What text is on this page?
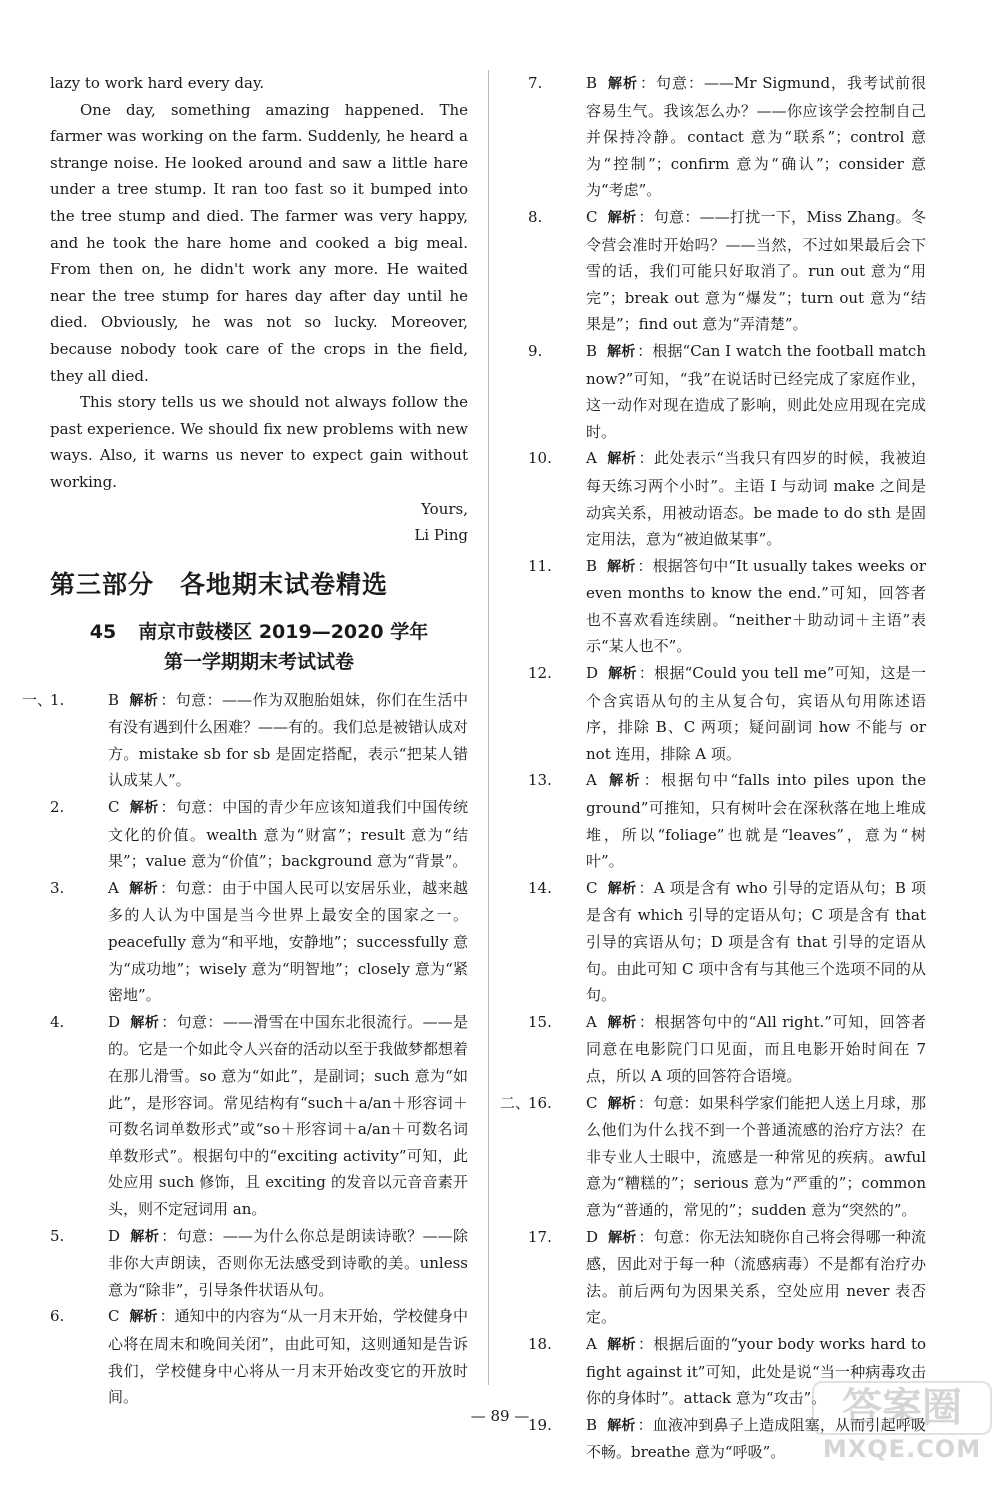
lazy to work hard every day.

One day, something amazing happened. The farmer was working on the farm. Suddenly, he heard a strange noise. He looked around and saw a little hare under a tree stump. It ran too fast so it bumped into the tree stump and died. The farmer was very happy, and he took the hare home and cooked a big meal. From then on, he didn't work any more. He waited near the tree stump for hares day after day until he died. Obviously, he was not so lucky. Moreover, because nobody took care of the crops in the field, they all died.

This story tells us we should not always follow the past experience. We should fix new problems with new ways. Also, it warns us never to expect gain without working.

Yours,

Li Ping

第三部分　各地期末试卷精选
45 南京市鼓楼区 2019—2020 学年
第一学期期末考试试卷
一、1.	B 解析 ：句意：——作为双胞胎姐妹，你们在生活中有没有遇到什么困难？——有的。我们总是被错认成对方。mistake sb for sb 是固定搭配，表示“把某人错认成某人”。
2.	C 解析 ：句意：中国的青少年应该知道我们中国传统文化的价值。wealth 意为“财富”；result 意为“结果”；value 意为“价值”；background 意为“背景”。
3.	A 解析 ：句意：由于中国人民可以安居乐业，越来越多的人认为中国是当今世界上最安全的国家之一。peacefully 意为“和平地，安静地”；successfully 意为“成功地”；wisely 意为“明智地”；closely 意为“紧密地”。
4.	D 解析 ：句意：——滑雪在中国东北很流行。——是的。它是一个如此令人兴奋的活动以至于我做梦都想着在那儿滑雪。so 意为“如此”，是副词；such 意为“如此”，是形容词。常见结构有“such＋a/an＋形容词＋可数名词单数形式”或“so＋形容词＋a/an＋可数名词单数形式”。根据句中的“exciting activity”可知，此处应用 such 修饰，且 exciting 的发音以元音音素开头，则不定冠词用 an。
5.	D 解析 ：句意：——为什么你总是朗读诗歌？——除非你大声朗读，否则你无法感受到诗歌的美。unless 意为“除非”，引导条件状语从句。
6.	C 解析 ：通知中的内容为“从一月末开始，学校健身中心将在周末和晚间关闭”，由此可知，这则通知是告诉我们，学校健身中心将从一月末开始改变它的开放时间。
7.	B 解析 ：句意：——Mr Sigmund，我考试前很容易生气。我该怎么办？——你应该学会控制自己并保持冷静。contact 意为“联系”；control 意为“控制”；confirm 意为“确认”；consider 意为“考虑”。
8.	C 解析 ：句意：——打扰一下，Miss Zhang。冬令营会准时开始吗？——当然，不过如果最后会下雪的话，我们可能只好取消了。run out 意为“用完”；break out 意为“爆发”；turn out 意为“结果是”；find out 意为“弄清楚”。
9.	B 解析 ：根据“Can I watch the football match now?”可知，“我”在说话时已经完成了家庭作业，这一动作对现在造成了影响，则此处应用现在完成时。
10.	A 解析 ：此处表示“当我只有四岁的时候，我被迫每天练习两个小时”。主语 I 与动词 make 之间是动宾关系，用被动语态。be made to do sth 是固定用法，意为“被迫做某事”。
11.	B 解析 ：根据答句中“It usually takes weeks or even months to know the end.”可知，回答者也不喜欢看连续剧。“neither＋助动词＋主语”表示“某人也不”。
12.	D 解析 ：根据“Could you tell me”可知，这是一个含宾语从句的主从复合句，宾语从句用陈述语序，排除 B、C 两项；疑问副词 how 不能与 or not 连用，排除 A 项。
13.	A 解析 ：根据句中“falls into piles upon the ground”可推知，只有树叶会在深秋落在地上堆成堆，所以“foliage”也就是“leaves”，意为“树叶”。
14.	C 解析 ：A 项是含有 who 引导的定语从句；B 项是含有 which 引导的定语从句；C 项是含有 that 引导的宾语从句；D 项是含有 that 引导的定语从句。由此可知 C 项中含有与其他三个选项不同的从句。
15.	A 解析 ：根据答句中的“All right.”可知，回答者同意在电影院门口见面，而且电影开始时间在 7 点，所以 A 项的回答符合语境。
二、16.	C 解析 ：句意：如果科学家们能把人送上月球，那么他们为什么找不到一个普通流感的治疗方法？在非专业人士眼中，流感是一种常见的疾病。awful 意为“糟糕的”；serious 意为“严重的”；common 意为“普通的，常见的”；sudden 意为“突然的”。
17.	D 解析 ：句意：你无法知晓你自己将会得哪一种流感，因此对于每一种（流感病毒）不是都有治疗办法。前后两句为因果关系，空处应用 never 表否定。
18.	A 解析 ：根据后面的“your body works hard to fight against it”可知，此处是说“当一种病毒攻击你的身体时”。attack 意为“攻击”。
19.	B 解析 ：血液冲到鼻子上造成阻塞，从而引起呼吸不畅。breathe 意为“呼吸”。
— 89 —	答案圈
MXQE.COM
